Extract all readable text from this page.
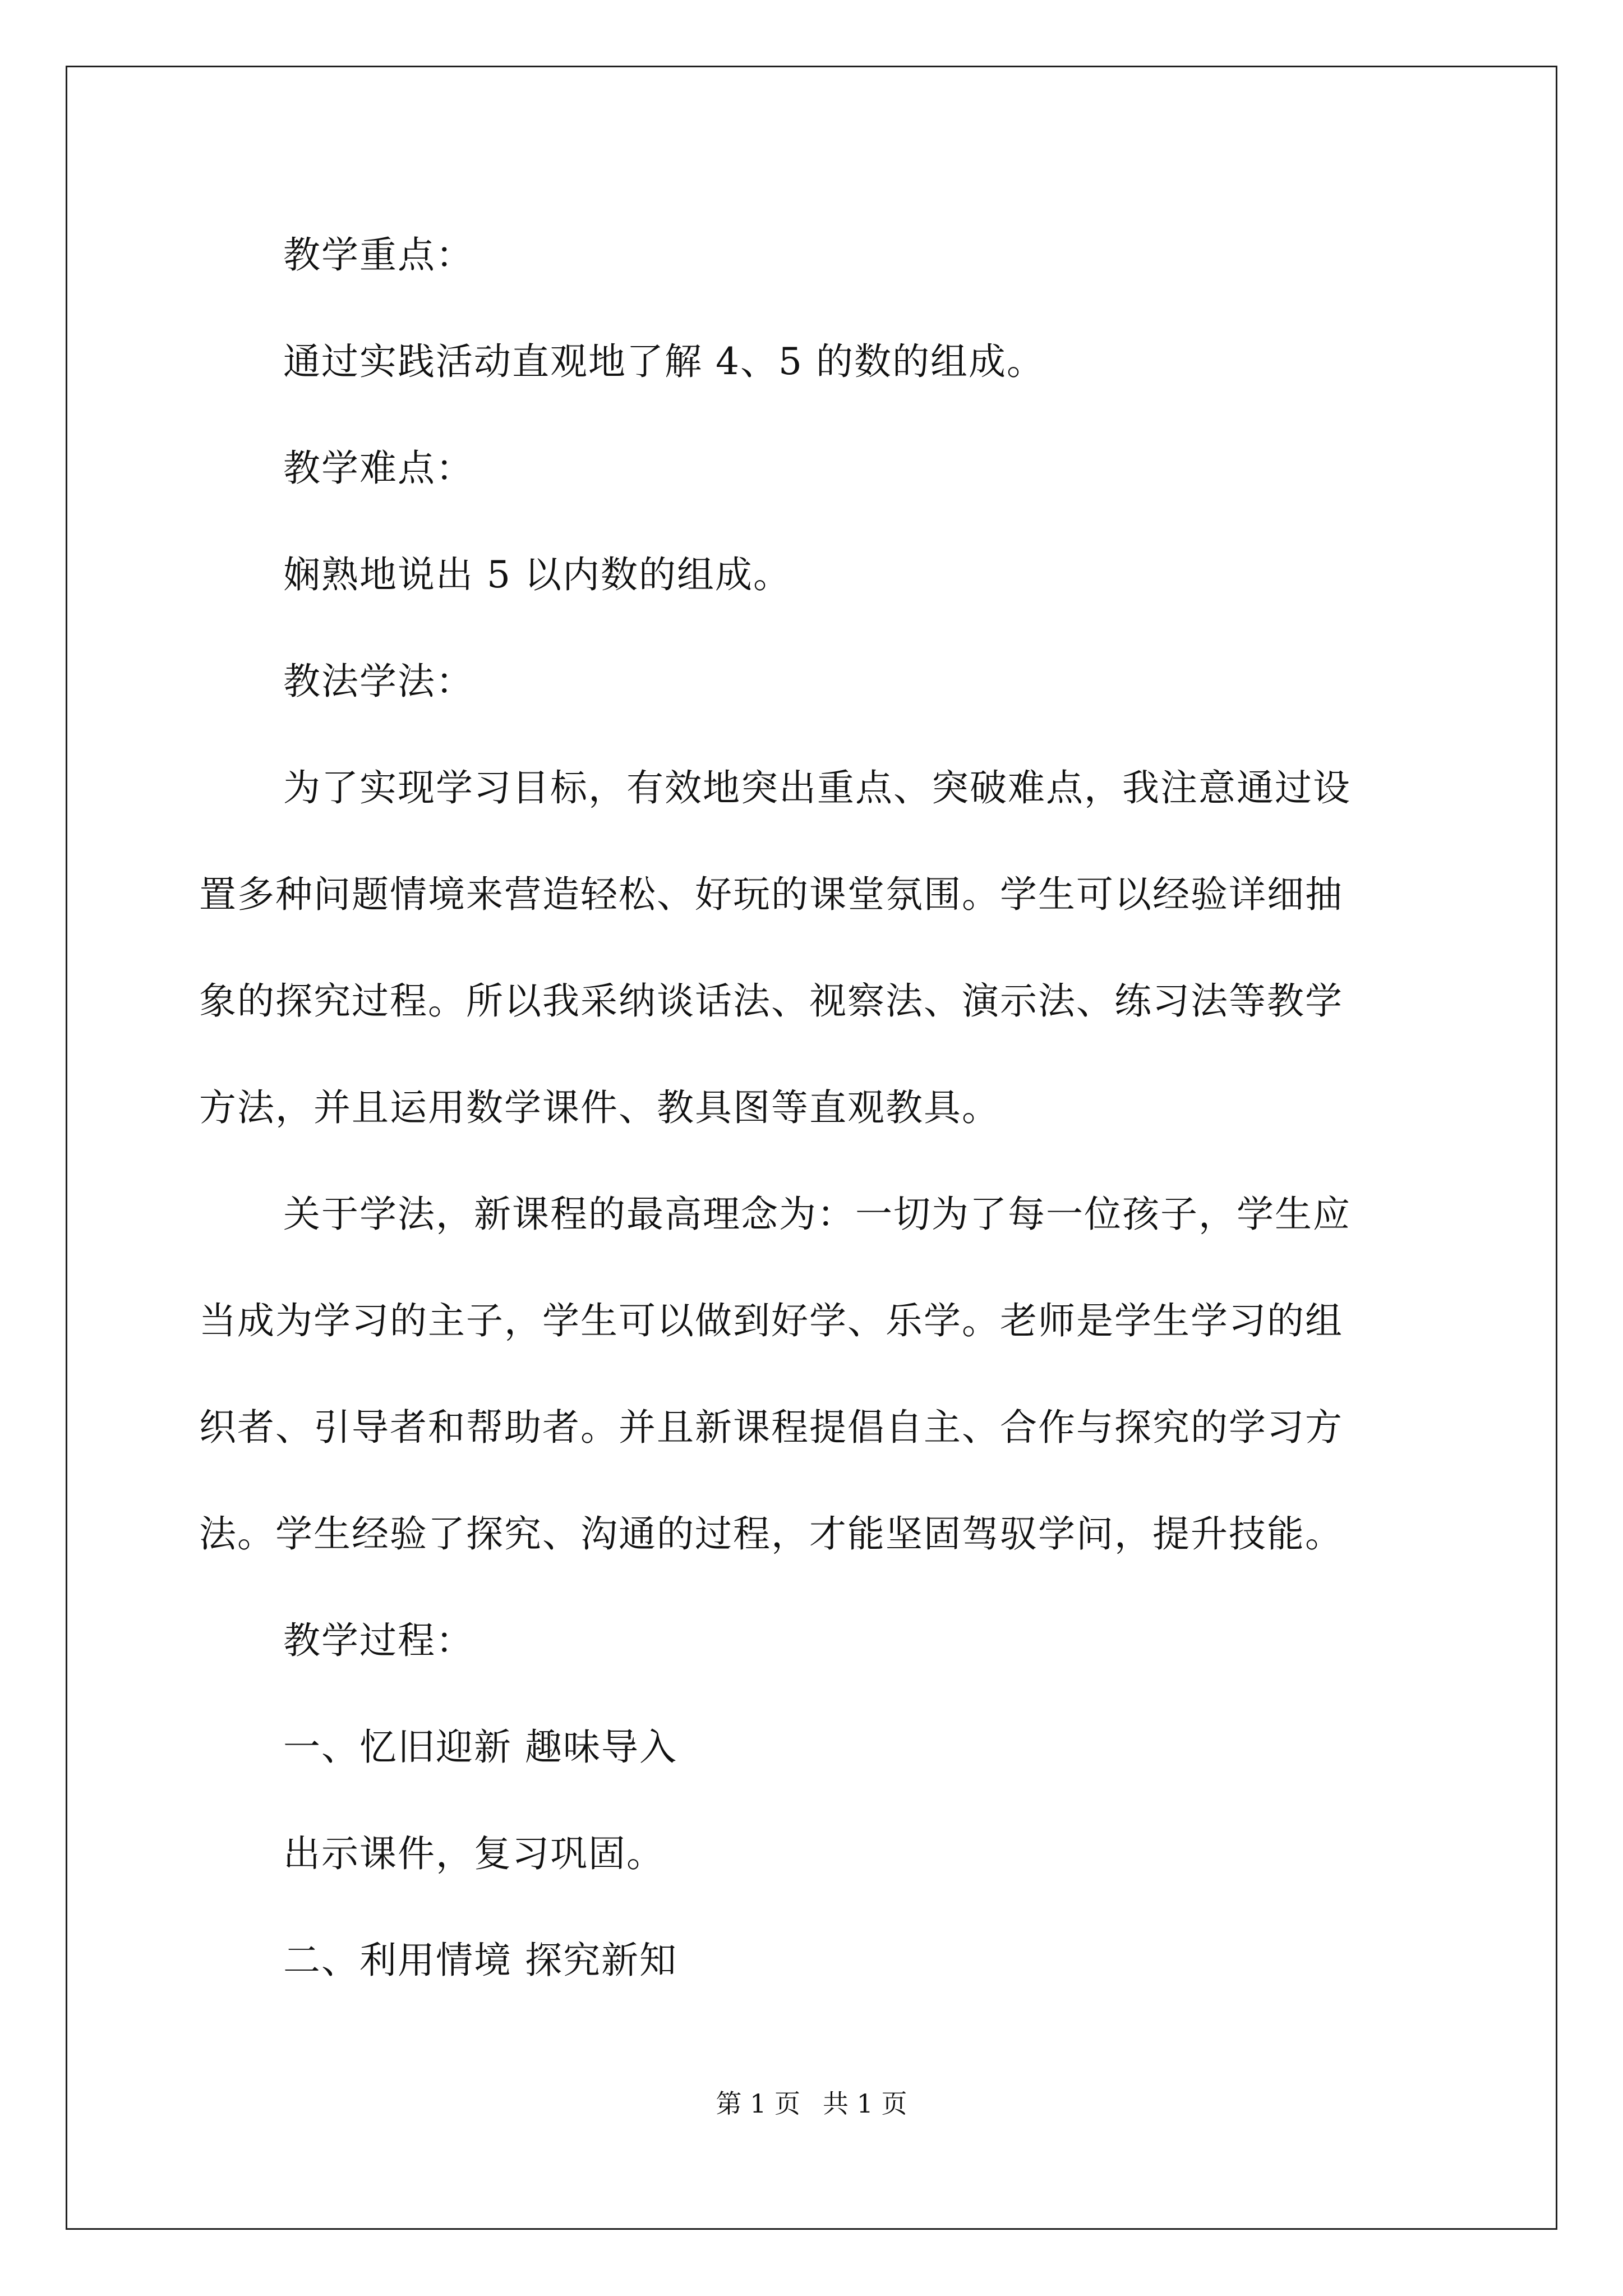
教学重点：
通过实践活动直观地了解 4、5 的数的组成。
教学难点：
娴熟地说出 5 以内数的组成。
教法学法：
为了实现学习目标，有效地突出重点、突破难点，我注意通过设
置多种问题情境来营造轻松、好玩的课堂氛围。学生可以经验详细抽
象的探究过程。所以我采纳谈话法、视察法、演示法、练习法等教学
方法，并且运用数学课件、教具图等直观教具。
关于学法，新课程的最高理念为：一切为了每一位孩子，学生应
当成为学习的主子，学生可以做到好学、乐学。老师是学生学习的组
织者、引导者和帮助者。并且新课程提倡自主、合作与探究的学习方
法。学生经验了探究、沟通的过程，才能坚固驾驭学问，提升技能。
教学过程：
一、忆旧迎新 趣味导入
出示课件，复习巩固。
二、利用情境 探究新知
第 1 页 共 1 页
